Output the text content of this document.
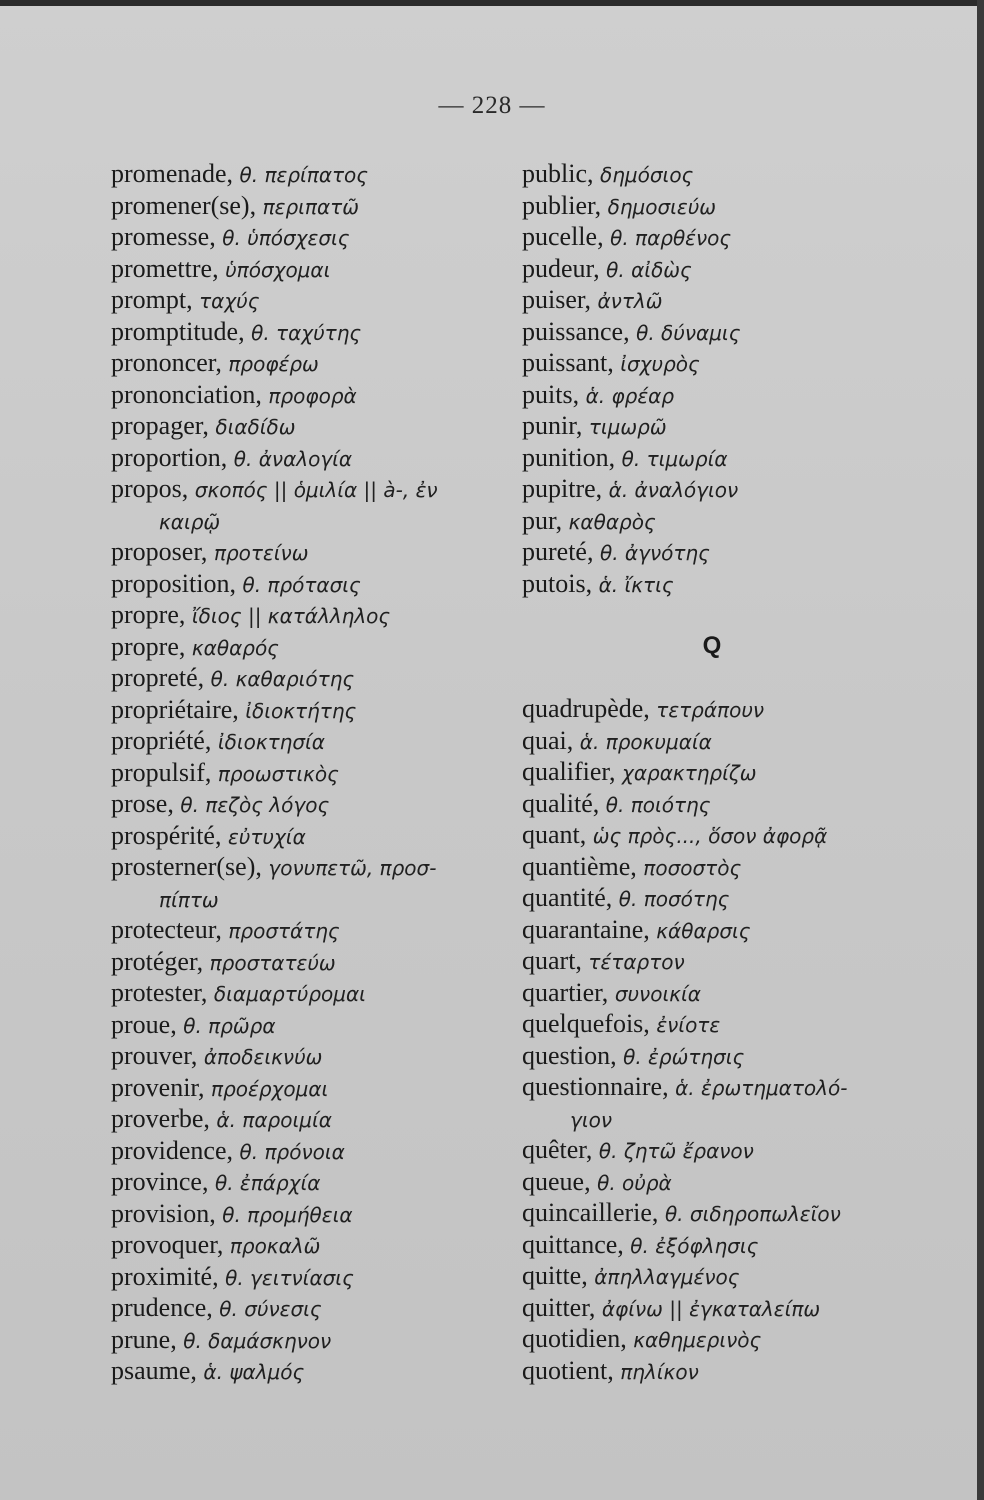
— 228 —
promenade, θ. περίπατος
promener(se), περιπατῶ
promesse, θ. ὑπόσχεσις
promettre, ὑπόσχομαι
prompt, ταχύς
promptitude, θ. ταχύτης
prononcer, προφέρω
prononciation, προφορὰ
propager, διαδίδω
proportion, θ. ἀναλογία
propos, σκοπός || ὁμιλία || à-, ἐν
καιρῷ
proposer, προτείνω
proposition, θ. πρότασις
propre, ἴδιος || κατάλληλος
propre, καθαρός
propreté, θ. καθαριότης
propriétaire, ἰδιοκτήτης
propriété, ἰδιοκτησία
propulsif, προωστικὸς
prose, θ. πεζὸς λόγος
prospérité, εὐτυχία
prosterner(se), γονυπετῶ, προσ-
πίπτω
protecteur, προστάτης
protéger, προστατεύω
protester, διαμαρτύρομαι
proue, θ. πρῶρα
prouver, ἀποδεικνύω
provenir, προέρχομαι
proverbe, ἁ. παροιμία
providence, θ. πρόνοια
province, θ. ἐπάρχία
provision, θ. προμήθεια
provoquer, προκαλῶ
proximité, θ. γειτνίασις
prudence, θ. σύνεσις
prune, θ. δαμάσκηνον
psaume, ἁ. ψαλμός
public, δημόσιος
publier, δημοσιεύω
pucelle, θ. παρθένος
pudeur, θ. αἰδὼς
puiser, ἀντλῶ
puissance, θ. δύναμις
puissant, ἰσχυρὸς
puits, ἁ. φρέαρ
punir, τιμωρῶ
punition, θ. τιμωρία
pupitre, ἁ. ἀναλόγιον
pur, καθαρὸς
pureté, θ. ἀγνότης
putois, ἁ. ἴκτις
Q
quadrupède, τετράπουν
quai, ἁ. προκυμαία
qualifier, χαρακτηρίζω
qualité, θ. ποιότης
quant, ὡς πρὸς..., ὅσον ἀφορᾷ
quantième, ποσοστὸς
quantité, θ. ποσότης
quarantaine, κάθαρσις
quart, τέταρτον
quartier, συνοικία
quelquefois, ἐνίοτε
question, θ. ἐρώτησις
questionnaire, ἁ. ἐρωτηματολό-
γιον
quêter, θ. ζητῶ ἔρανον
queue, θ. οὐρὰ
quincaillerie, θ. σιδηροπωλεῖον
quittance, θ. ἐξόφλησις
quitte, ἀπηλλαγμένος
quitter, ἀφίνω || ἐγκαταλείπω
quotidien, καθημερινὸς
quotient, πηλίκον
